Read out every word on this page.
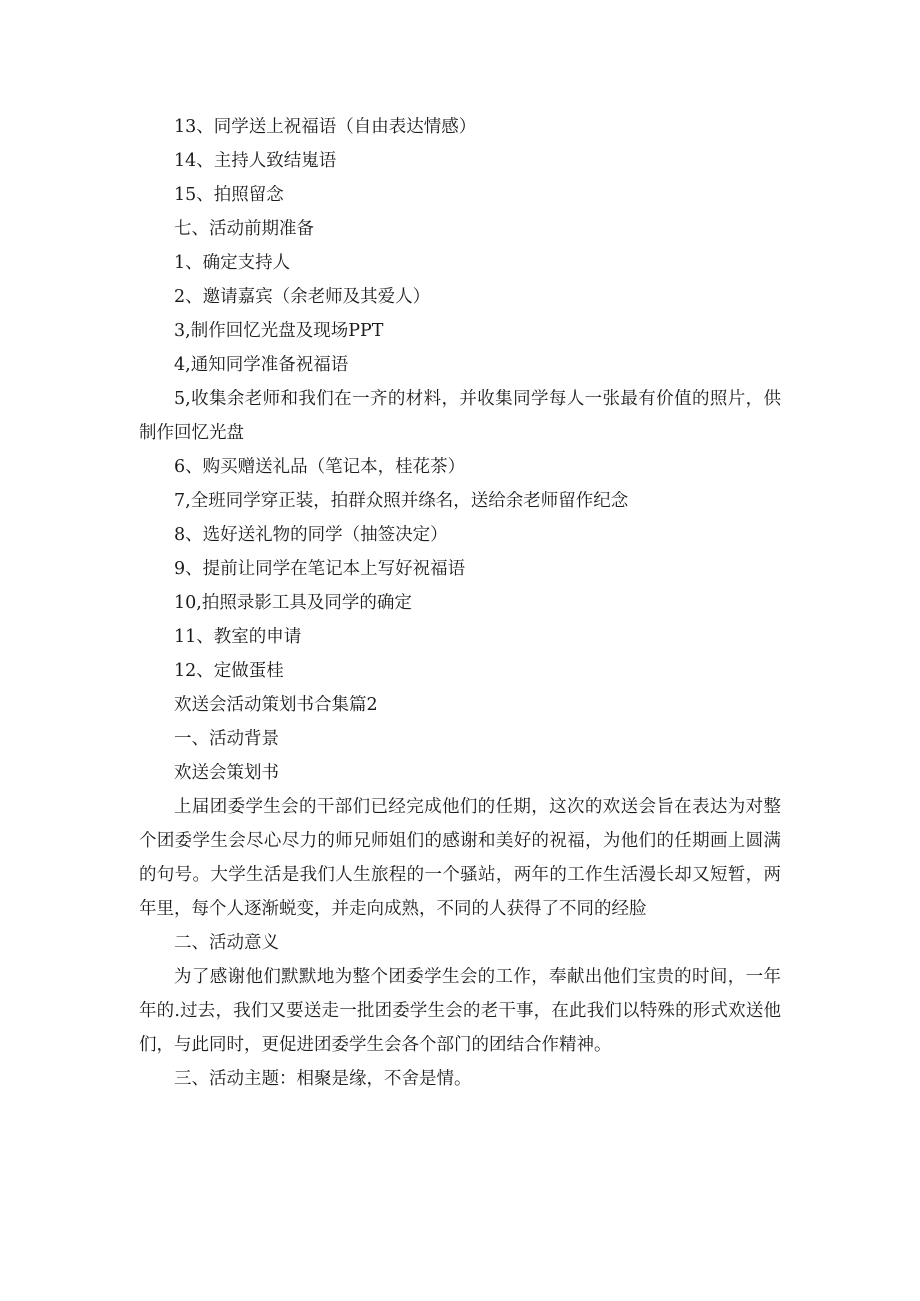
13、同学送上祝福语（自由表达情感）

14、主持人致结嵬语

15、拍照留念

七、活动前期准备

1、确定支持人

2、邀请嘉宾（余老师及其爱人）

3,制作回忆光盘及现场PPT

4,通知同学准备祝福语

5,收集余老师和我们在一齐的材料，并收集同学每人一张最有价值的照片，供制作回忆光盘

6、购买赠送礼品（笔记本，桂花茶）

7,全班同学穿正装，拍群众照并绦名，送给余老师留作纪念

8、选好送礼物的同学（抽签决定）

9、提前让同学在笔记本上写好祝福语

10,拍照录影工具及同学的确定

11、教室的申请

12、定做蛋桂

欢送会活动策划书合集篇2

一、活动背景

欢送会策划书

上届团委学生会的干部们已经完成他们的任期，这次的欢送会旨在表达为对整个团委学生会尽心尽力的师兄师姐们的感谢和美好的祝福，为他们的任期画上圆满的句号。大学生活是我们人生旅程的一个骚站，两年的工作生活漫长却又短暂，两年里，每个人逐渐蜕变，并走向成熟，不同的人获得了不同的经脸

二、活动意义

为了感谢他们默默地为整个团委学生会的工作，奉献出他们宝贵的时间，一年年的.过去，我们又要送走一批团委学生会的老干事，在此我们以特殊的形式欢送他们，与此同时，更促进团委学生会各个部门的团结合作精神。

三、活动主题：相聚是缘，不舍是情。
